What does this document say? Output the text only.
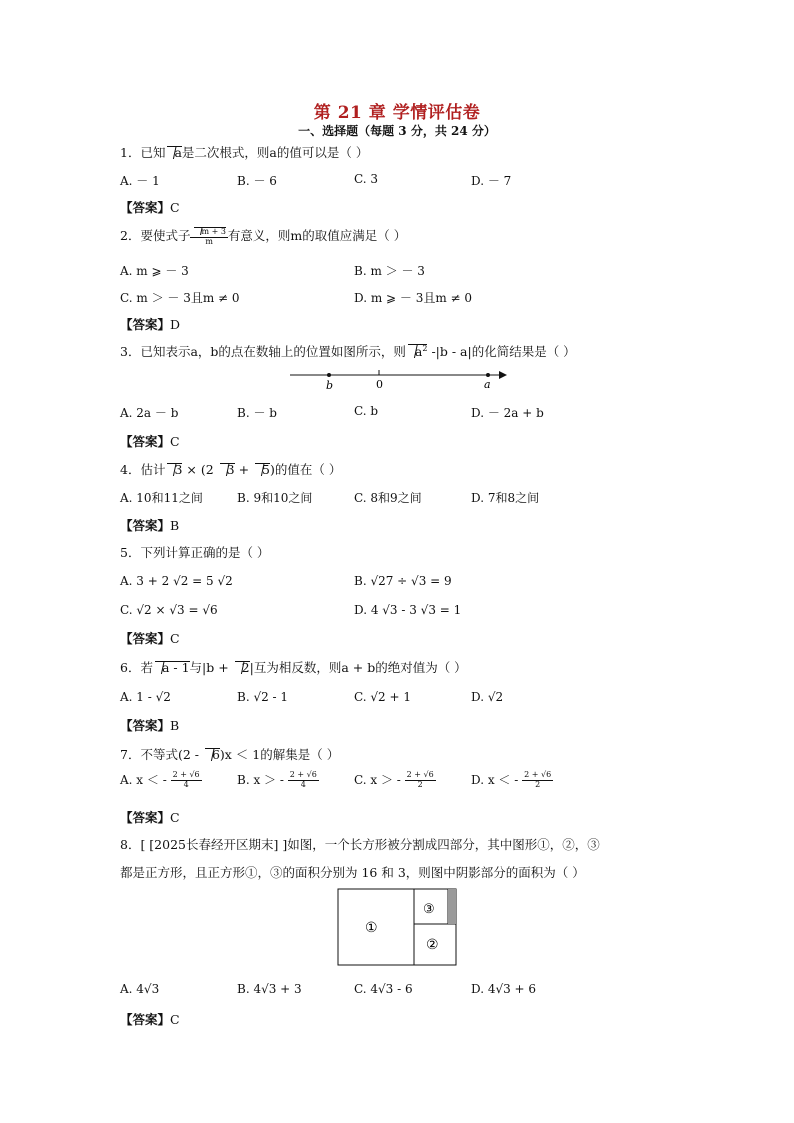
第 21 章 学情评估卷
一、选择题（每题 3 分，共 24 分）
1．已知 a是二次根式，则a的值可以是（ ）
A. － 1	B. － 6	C. 3	D. － 7
【答案】C
2．要使式子 $\frac{m + 3}{m}$ 有意义，则m的取值应满足（ ）
A. m ⩾ － 3	B. m ＞ － 3
C. m ＞ － 3且m ≠ 0	D. m ⩾ － 3且m ≠ 0
【答案】D
3．已知表示a，b的点在数轴上的位置如图所示，则 $a^2$ -|b - a|的化简结果是（ ）
b	0	a
A. 2a － b	B. － b	C. b	D. － 2a + b
【答案】C
4．估计 3 × (2 3 + 5)的值在（ ）
A. 10和11之间	B. 9和10之间	C. 8和9之间	D. 7和8之间
【答案】B
5．下列计算正确的是（ ）
A. 3 + 2 √2 = 5 √2	B. √27 ÷ √3 = 9
C. √2 × √3 = √6	D. 4 √3 - 3 √3 = 1
【答案】C
6．若 a - 1与|b + 2|互为相反数，则a + b的绝对值为（ ）
A. 1 - √2	B. √2 - 1	C. √2 + 1	D. √2
【答案】B
7．不等式(2 - 6)x ＜ 1的解集是（ ）
A. x ＜ - $\frac{2 + √6}{4}$	B. x ＞ - $\frac{2 + √6}{4}$	C. x ＞ - $\frac{2 + √6}{2}$	D. x ＜ - $\frac{2 + √6}{2}$
【答案】C
8．[ [2025长春经开区期末] ]如图，一个长方形被分割成四部分，其中图形①，②，③
都是正方形，且正方形①，③的面积分别为 16 和 3，则图中阴影部分的面积为（ ）
①
③
②
A. 4√3	B. 4√3 + 3	C. 4√3 - 6	D. 4√3 + 6
【答案】C
